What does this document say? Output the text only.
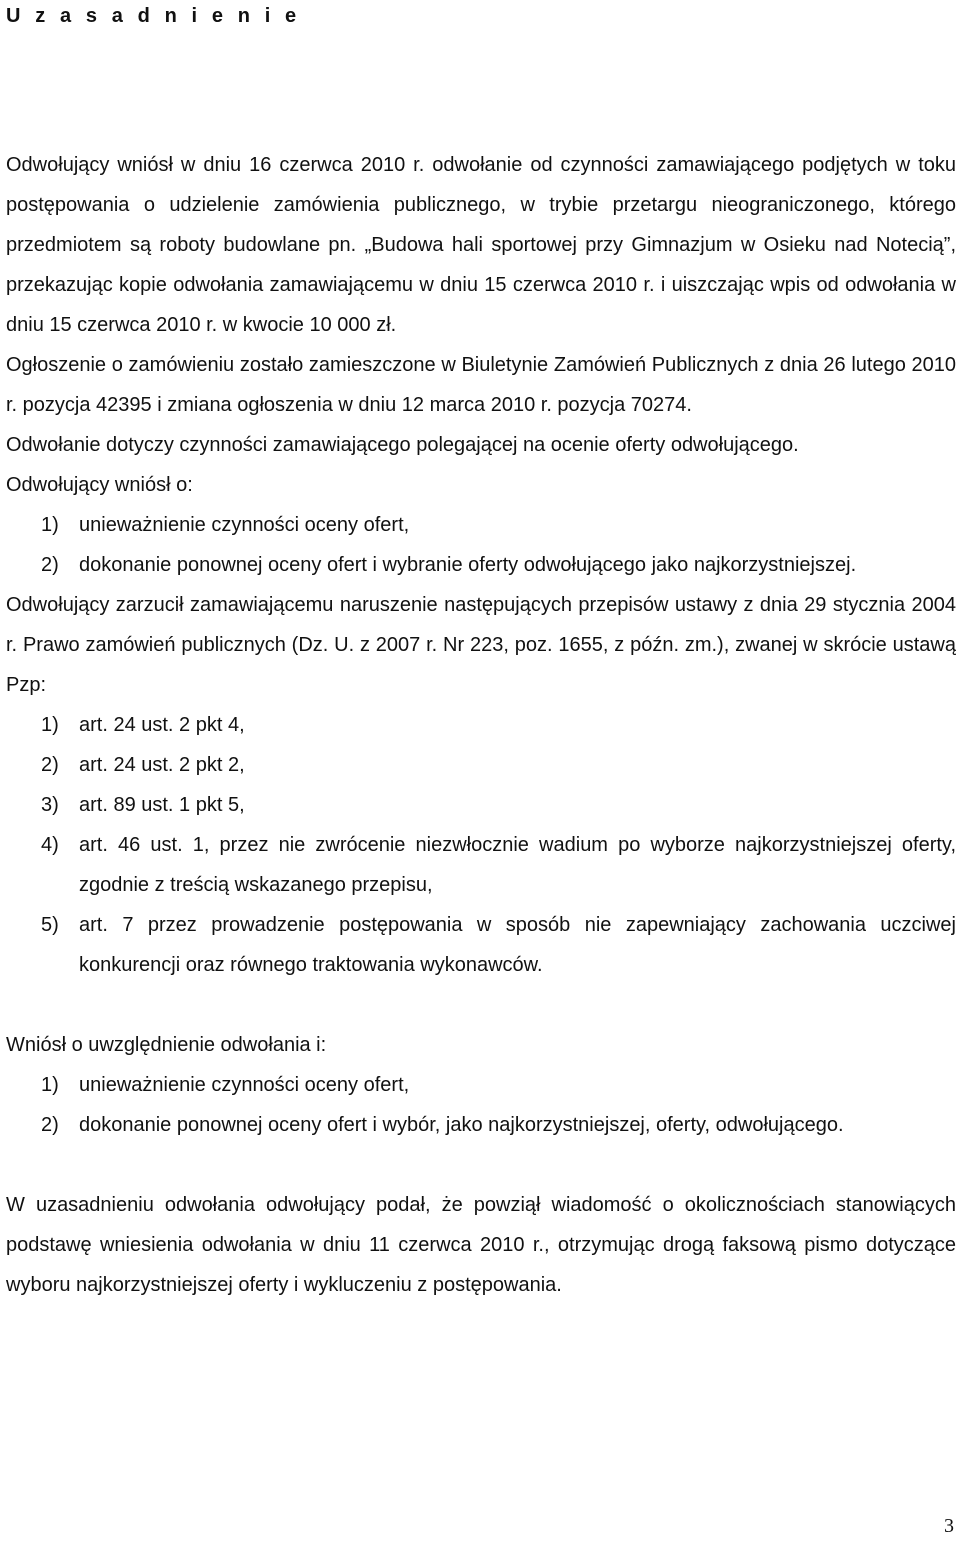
U z a s a d n i e n i e

Odwołujący wniósł w dniu 16 czerwca 2010 r. odwołanie od czynności zamawiającego podjętych w toku postępowania o udzielenie zamówienia publicznego, w trybie przetargu nieograniczonego, którego przedmiotem są roboty budowlane pn. „Budowa hali sportowej przy Gimnazjum w Osieku nad Notecią”, przekazując kopie odwołania zamawiającemu w dniu 15 czerwca 2010 r. i uiszczając wpis od odwołania w dniu 15 czerwca 2010 r. w kwocie 10 000 zł.

Ogłoszenie o zamówieniu zostało zamieszczone w Biuletynie Zamówień Publicznych z dnia 26 lutego 2010 r. pozycja 42395 i zmiana ogłoszenia w dniu 12 marca 2010 r. pozycja 70274.

Odwołanie dotyczy czynności zamawiającego polegającej na ocenie oferty odwołującego.

Odwołujący wniósł o:

1) unieważnienie czynności oceny ofert,
2) dokonanie ponownej oceny ofert i wybranie oferty odwołującego jako najkorzystniejszej.

Odwołujący zarzucił zamawiającemu naruszenie następujących przepisów ustawy z dnia 29 stycznia 2004 r. Prawo zamówień publicznych (Dz. U. z 2007 r. Nr 223, poz. 1655, z późn. zm.), zwanej w skrócie ustawą Pzp:

1) art. 24 ust. 2 pkt 4,
2) art. 24 ust. 2 pkt 2,
3) art. 89 ust. 1 pkt 5,
4) art. 46 ust. 1, przez nie zwrócenie niezwłocznie wadium po wyborze najkorzystniejszej oferty, zgodnie z treścią wskazanego przepisu,
5) art. 7 przez prowadzenie postępowania w sposób nie zapewniający zachowania uczciwej konkurencji oraz równego traktowania wykonawców.

Wniósł o uwzględnienie odwołania i:

1) unieważnienie czynności oceny ofert,
2) dokonanie ponownej oceny ofert i wybór, jako najkorzystniejszej, oferty, odwołującego.

W uzasadnieniu odwołania odwołujący podał, że powziął wiadomość o okolicznościach stanowiących podstawę wniesienia odwołania w dniu 11 czerwca 2010 r., otrzymując drogą faksową pismo dotyczące wyboru najkorzystniejszej oferty i wykluczeniu z postępowania.

3
